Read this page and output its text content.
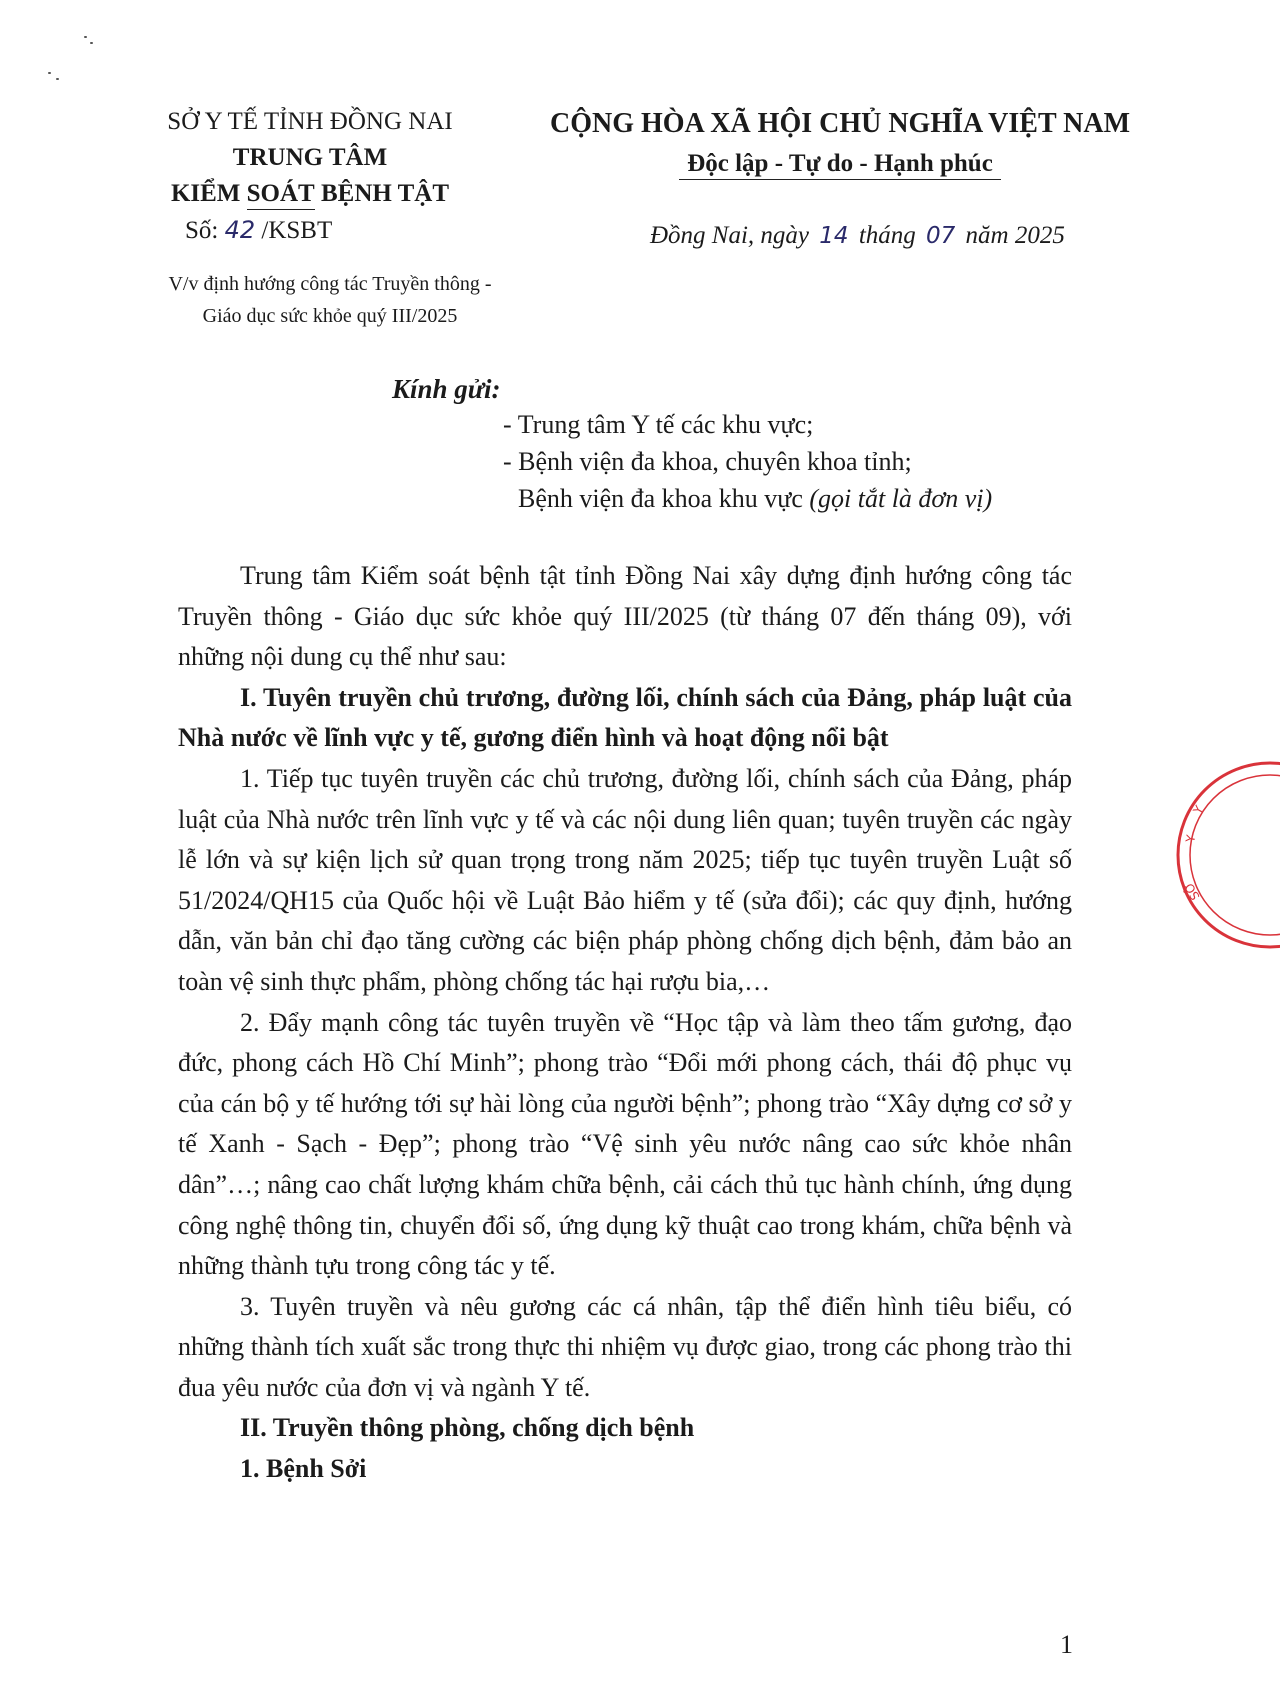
SỞ Y TẾ TỈNH ĐỒNG NAI
TRUNG TÂM
KIỂM SOÁT BỆNH TẬT
Số: 42 /KSBT
V/v định hướng công tác Truyền thông -
Giáo dục sức khỏe quý III/2025
CỘNG HÒA XÃ HỘI CHỦ NGHĨA VIỆT NAM
Độc lập - Tự do - Hạnh phúc
Đồng Nai, ngày 14 tháng 07 năm 2025
Kính gửi:
- Trung tâm Y tế các khu vực;
- Bệnh viện đa khoa, chuyên khoa tỉnh;
Bệnh viện đa khoa khu vực (gọi tắt là đơn vị)

Trung tâm Kiểm soát bệnh tật tỉnh Đồng Nai xây dựng định hướng công tác Truyền thông - Giáo dục sức khỏe quý III/2025 (từ tháng 07 đến tháng 09), với những nội dung cụ thể như sau:

I. Tuyên truyền chủ trương, đường lối, chính sách của Đảng, pháp luật của Nhà nước về lĩnh vực y tế, gương điển hình và hoạt động nổi bật

1. Tiếp tục tuyên truyền các chủ trương, đường lối, chính sách của Đảng, pháp luật của Nhà nước trên lĩnh vực y tế và các nội dung liên quan; tuyên truyền các ngày lễ lớn và sự kiện lịch sử quan trọng trong năm 2025; tiếp tục tuyên truyền Luật số 51/2024/QH15 của Quốc hội về Luật Bảo hiểm y tế (sửa đổi); các quy định, hướng dẫn, văn bản chỉ đạo tăng cường các biện pháp phòng chống dịch bệnh, đảm bảo an toàn vệ sinh thực phẩm, phòng chống tác hại rượu bia,…

2. Đẩy mạnh công tác tuyên truyền về “Học tập và làm theo tấm gương, đạo đức, phong cách Hồ Chí Minh”; phong trào “Đổi mới phong cách, thái độ phục vụ của cán bộ y tế hướng tới sự hài lòng của người bệnh”; phong trào “Xây dựng cơ sở y tế Xanh - Sạch - Đẹp”; phong trào “Vệ sinh yêu nước nâng cao sức khỏe nhân dân”…; nâng cao chất lượng khám chữa bệnh, cải cách thủ tục hành chính, ứng dụng công nghệ thông tin, chuyển đổi số, ứng dụng kỹ thuật cao trong khám, chữa bệnh và những thành tựu trong công tác y tế.

3. Tuyên truyền và nêu gương các cá nhân, tập thể điển hình tiêu biểu, có những thành tích xuất sắc trong thực thi nhiệm vụ được giao, trong các phong trào thi đua yêu nước của đơn vị và ngành Y tế.

II. Truyền thông phòng, chống dịch bệnh

1. Bệnh Sởi

Y
Y
SỞ
1
